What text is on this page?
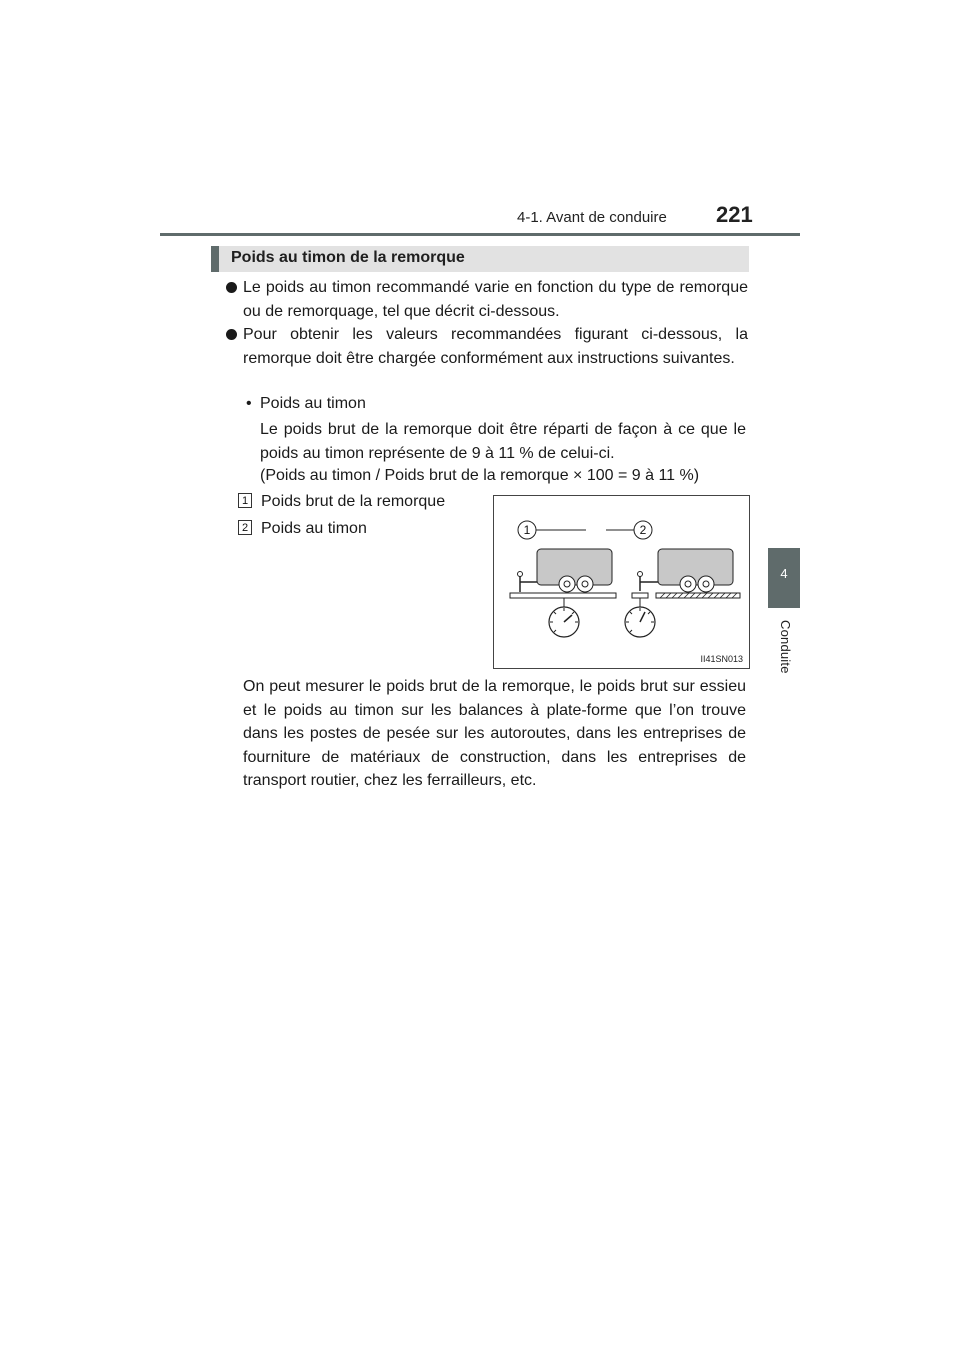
4-1. Avant de conduire 221
4
Conduite
Poids au timon de la remorque
Le poids au timon recommandé varie en fonction du type de remorque ou de remorquage, tel que décrit ci-dessous.
Pour obtenir les valeurs recommandées figurant ci-dessous, la remorque doit être chargée conformément aux instructions suivantes.
• Poids au timon
Le poids brut de la remorque doit être réparti de façon à ce que le poids au timon représente de 9 à 11 % de celui-ci.
(Poids au timon / Poids brut de la remorque × 100 = 9 à 11 %)
1 Poids brut de la remorque
2 Poids au timon	1	2
II41SN013
On peut mesurer le poids brut de la remorque, le poids brut sur essieu et le poids au timon sur les balances à plate-forme que l’on trouve dans les postes de pesée sur les autoroutes, dans les entreprises de fourniture de matériaux de construction, dans les entreprises de transport routier, chez les ferrailleurs, etc.
